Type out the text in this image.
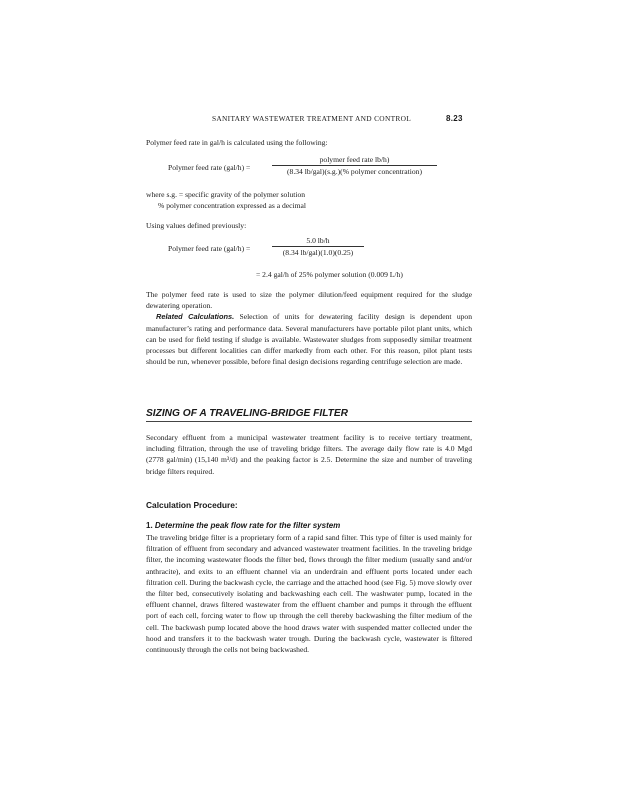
SANITARY WASTEWATER TREATMENT AND CONTROL	8.23
Polymer feed rate in gal/h is calculated using the following:
Polymer feed rate (gal/h) =
polymer feed rate lb/h)
(8.34 lb/gal)(s.g.)(% polymer concentration)
where s.g. = specific gravity of the polymer solution
% polymer concentration expressed as a decimal
Using values defined previously:
Polymer feed rate (gal/h) =
5.0 lb/h
(8.34 lb/gal)(1.0)(0.25)
= 2.4 gal/h of 25% polymer solution (0.009 L/h)
The polymer feed rate is used to size the polymer dilution/feed equipment required for the sludge dewatering operation.
Related Calculations. Selection of units for dewatering facility design is dependent upon manufacturer’s rating and performance data. Several manufacturers have portable pilot plant units, which can be used for field testing if sludge is available. Wastewater sludges from supposedly similar treatment processes but different localities can differ markedly from each other. For this reason, pilot plant tests should be run, whenever possible, before final design decisions regarding centrifuge selection are made.
SIZING OF A TRAVELING-BRIDGE FILTER
Secondary effluent from a municipal wastewater treatment facility is to receive tertiary treatment, including filtration, through the use of traveling bridge filters. The average daily flow rate is 4.0 Mgd (2778 gal/min) (15,140 m³/d) and the peaking factor is 2.5. Determine the size and number of traveling bridge filters required.
Calculation Procedure:
1. Determine the peak flow rate for the filter system
The traveling bridge filter is a proprietary form of a rapid sand filter. This type of filter is used mainly for filtration of effluent from secondary and advanced wastewater treatment facilities. In the traveling bridge filter, the incoming wastewater floods the filter bed, flows through the filter medium (usually sand and/or anthracite), and exits to an effluent channel via an underdrain and effluent ports located under each filtration cell. During the backwash cycle, the carriage and the attached hood (see Fig. 5) move slowly over the filter bed, consecutively isolating and backwashing each cell. The washwater pump, located in the effluent channel, draws filtered wastewater from the effluent chamber and pumps it through the effluent port of each cell, forcing water to flow up through the cell thereby backwashing the filter medium of the cell. The backwash pump located above the hood draws water with suspended matter collected under the hood and transfers it to the backwash water trough. During the backwash cycle, wastewater is filtered continuously through the cells not being backwashed.
